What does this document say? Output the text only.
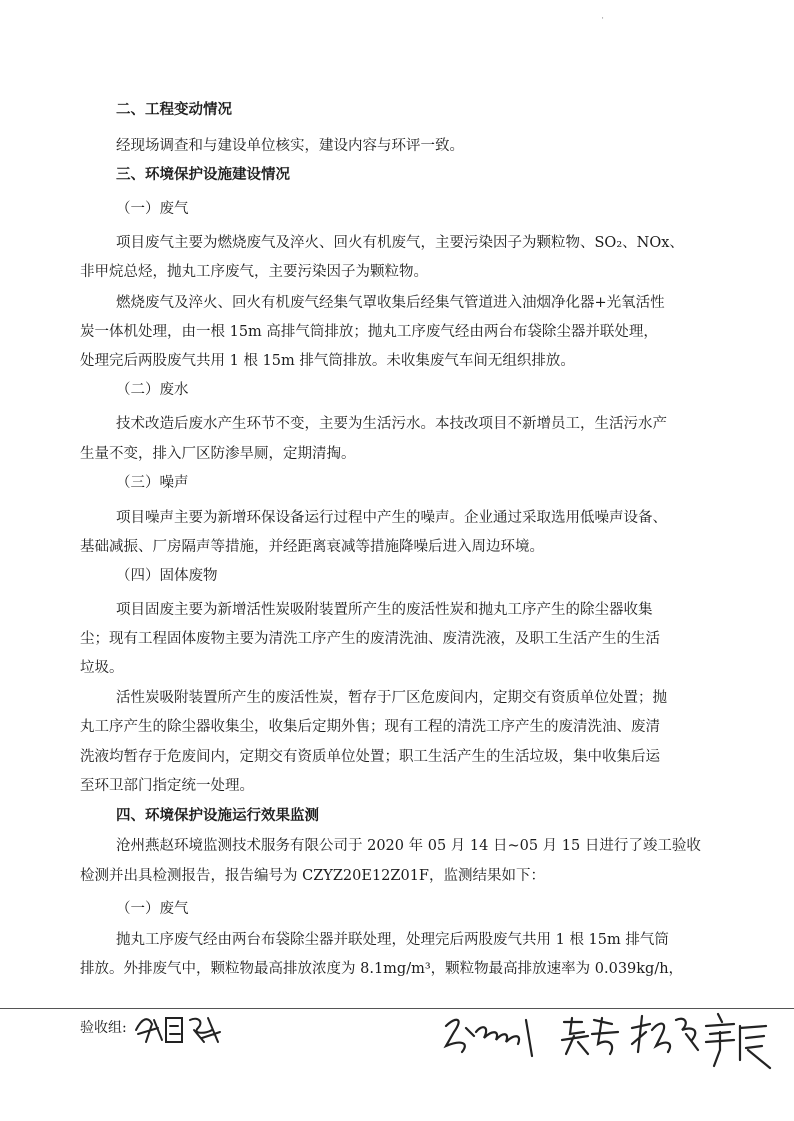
·
二、工程变动情况
经现场调查和与建设单位核实，建设内容与环评一致。
三、环境保护设施建设情况
（一）废气
项目废气主要为燃烧废气及淬火、回火有机废气，主要污染因子为颗粒物、SO₂、NOx、
非甲烷总烃，抛丸工序废气，主要污染因子为颗粒物。
燃烧废气及淬火、回火有机废气经集气罩收集后经集气管道进入油烟净化器+光氧活性
炭一体机处理，由一根 15m 高排气筒排放；抛丸工序废气经由两台布袋除尘器并联处理，
处理完后两股废气共用 1 根 15m 排气筒排放。未收集废气车间无组织排放。
（二）废水
技术改造后废水产生环节不变，主要为生活污水。本技改项目不新增员工，生活污水产
生量不变，排入厂区防渗旱厕，定期清掏。
（三）噪声
项目噪声主要为新增环保设备运行过程中产生的噪声。企业通过采取选用低噪声设备、
基础减振、厂房隔声等措施，并经距离衰减等措施降噪后进入周边环境。
（四）固体废物
项目固废主要为新增活性炭吸附装置所产生的废活性炭和抛丸工序产生的除尘器收集
尘；现有工程固体废物主要为清洗工序产生的废清洗油、废清洗液，及职工生活产生的生活
垃圾。
活性炭吸附装置所产生的废活性炭，暂存于厂区危废间内，定期交有资质单位处置；抛
丸工序产生的除尘器收集尘，收集后定期外售；现有工程的清洗工序产生的废清洗油、废清
洗液均暂存于危废间内，定期交有资质单位处置；职工生活产生的生活垃圾，集中收集后运
至环卫部门指定统一处理。
四、环境保护设施运行效果监测
沧州燕赵环境监测技术服务有限公司于 2020 年 05 月 14 日~05 月 15 日进行了竣工验收
检测并出具检测报告，报告编号为 CZYZ20E12Z01F，监测结果如下：
（一）废气
抛丸工序废气经由两台布袋除尘器并联处理，处理完后两股废气共用 1 根 15m 排气筒
排放。外排废气中，颗粒物最高排放浓度为 8.1mg/m³，颗粒物最高排放速率为 0.039kg/h，
验收组:
